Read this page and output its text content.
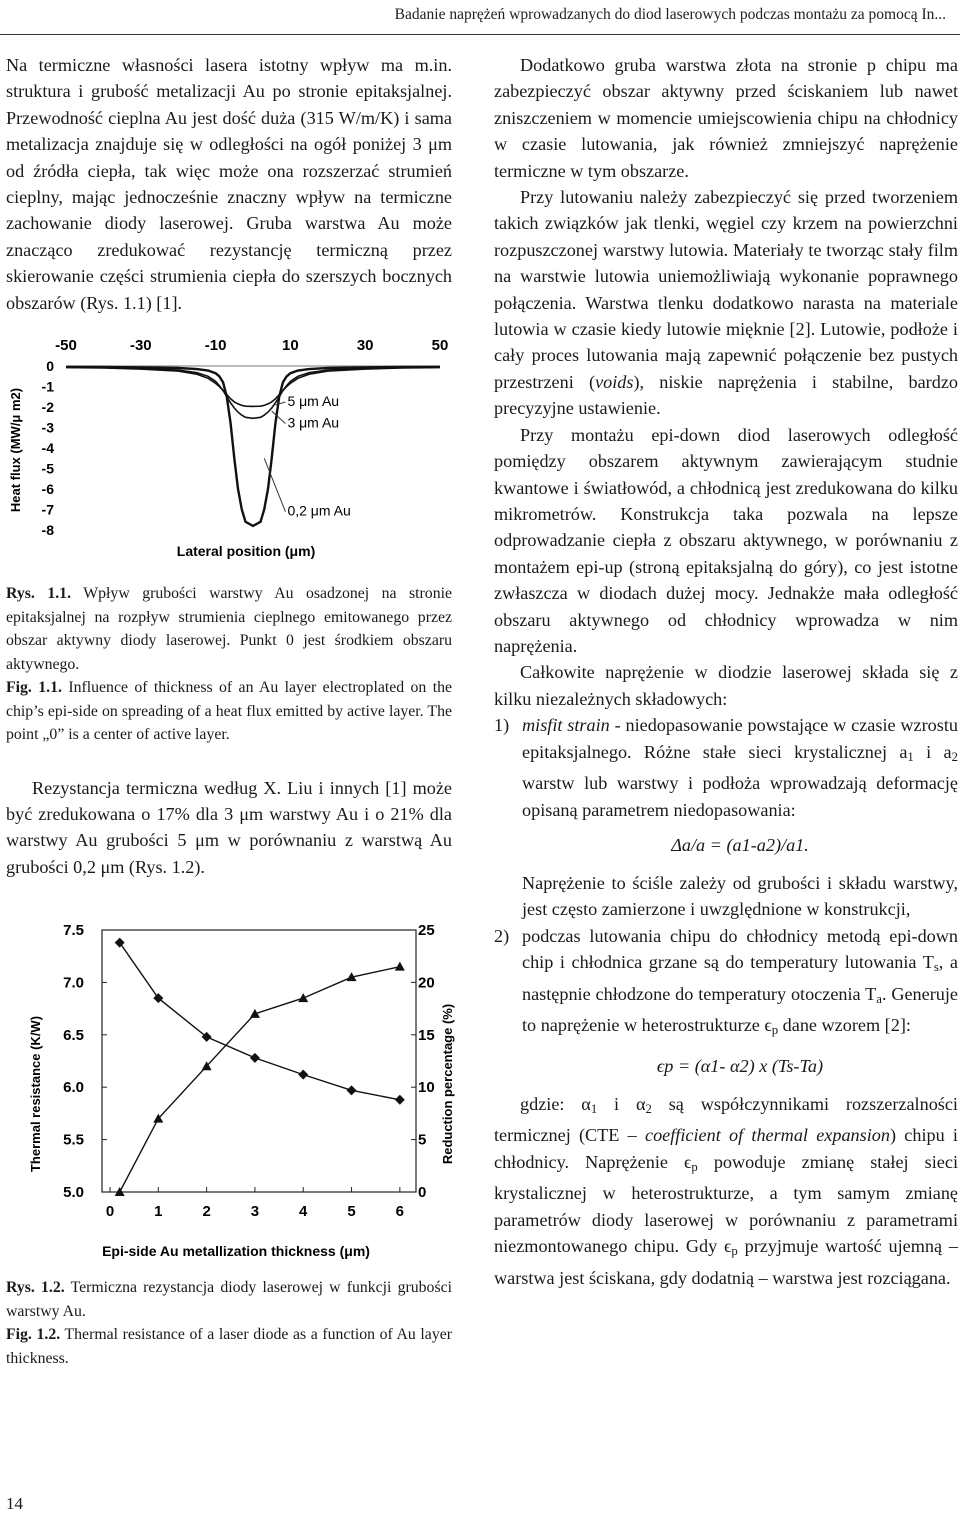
Badanie naprężeń wprowadzanych do diod laserowych podczas montażu za pomocą In...

Na termiczne własności lasera istotny wpływ ma m.in. struktura i grubość metalizacji Au po stronie epitaksjalnej. Przewodność cieplna Au jest dość duża (315 W/m/K) i sama metalizacja znajduje się w odległości na ogół poniżej 3 μm od źródła ciepła, tak więc może ona rozszerzać strumień cieplny, mając jednocześnie znaczny wpływ na termiczne zachowanie diody laserowej. Gruba warstwa Au może znacząco zredukować rezystancję termiczną przez skierowanie części strumienia ciepła do szerszych bocznych obszarów (Rys. 1.1) [1].

-50	-30	-10	10	30	50
0
-1
-2
-3
-4
-5
-6
-7
-8
5 μm Au
3 μm Au
0,2 μm Au
Lateral position (μm)
Heat flux (MW/μ m2)

Rys. 1.1. Wpływ grubości warstwy Au osadzonej na stronie epitaksjalnej na rozpływ strumienia cieplnego emitowanego przez obszar aktywny diody laserowej. Punkt 0 jest środkiem obszaru aktywnego.

Fig. 1.1. Influence of thickness of an Au layer electroplated on the chip’s epi-side on spreading of a heat flux emitted by active layer. The point „0” is a center of active layer.

Rezystancja termiczna według X. Liu i innych [1] może być zredukowana o 17% dla 3 μm warstwy Au i o 21% dla warstwy Au grubości 5 μm w porównaniu z warstwą Au grubości 0,2 μm (Rys. 1.2).

7.5
7.0
6.5
6.0
5.5
5.0
25
20
15
10
5
0
0	1	2	3	4	5	6
Epi-side Au metallization thickness (μm)
Thermal resistance (K/W)	Reduction percentage (%)

Rys. 1.2. Termiczna rezystancja diody laserowej w funkcji grubości warstwy Au.

Fig. 1.2. Thermal resistance of a laser diode as a function of Au layer thickness.

Dodatkowo gruba warstwa złota na stronie p chipu ma zabezpieczyć obszar aktywny przed ściskaniem lub nawet zniszczeniem w momencie umiejscowienia chipu na chłodnicy w czasie lutowania, jak również zmniejszyć naprężenie termiczne w tym obszarze.

Przy lutowaniu należy zabezpieczyć się przed tworzeniem takich związków jak tlenki, węgiel czy krzem na powierzchni rozpuszczonej warstwy lutowia. Materiały te tworząc stały film na warstwie lutowia uniemożliwiają wykonanie poprawnego połączenia. Warstwa tlenku dodatkowo narasta na materiale lutowia w czasie kiedy lutowie mięknie [2]. Lutowie, podłoże i cały proces lutowania mają zapewnić połączenie bez pustych przestrzeni (voids), niskie naprężenia i stabilne, bardzo precyzyjne ustawienie.

Przy montażu epi-down diod laserowych odległość pomiędzy obszarem aktywnym zawierającym studnie kwantowe i światłowód, a chłodnicą jest zredukowana do kilku mikrometrów. Konstrukcja taka pozwala na lepsze odprowadzanie ciepła z obszaru aktywnego, w porównaniu z montażem epi-up (stroną epitaksjalną do góry), co jest istotne zwłaszcza w diodach dużej mocy. Jednakże mała odległość obszaru aktywnego od chłodnicy wprowadza w nim naprężenia.

Całkowite naprężenie w diodzie laserowej składa się z kilku niezależnych składowych:

1) misfit strain - niedopasowanie powstające w czasie wzrostu epitaksjalnego. Różne stałe sieci krystalicznej $a_1$ i $a_2$ warstw lub warstwy i podłoża wprowadzają deformację opisaną parametrem niedopasowania:

Δa/a = (a1-a2)/a1.

Naprężenie to ściśle zależy od grubości i składu warstwy, jest często zamierzone i uwzględnione w konstrukcji,

2) podczas lutowania chipu do chłodnicy metodą epi-down chip i chłodnica grzane są do temperatury lutowania $T_s$, a następnie chłodzone do temperatury otoczenia $T_a$. Generuje to naprężenie w heterostrukturze $\epsilon_p$ dane wzorem [2]:

ϵp = (α1- α2) x (Ts-Ta)

gdzie: $\alpha_1$ i $\alpha_2$ są współczynnikami rozszerzalności termicznej (CTE – coefficient of thermal expansion) chipu i chłodnicy. Naprężenie $\epsilon_p$ powoduje zmianę stałej sieci krystalicznej w heterostrukturze, a tym samym zmianę parametrów diody laserowej w porównaniu z parametrami niezmontowanego chipu. Gdy $\epsilon_p$ przyjmuje wartość ujemną – warstwa jest ściskana, gdy dodatnią – warstwa jest rozciągana.

14
